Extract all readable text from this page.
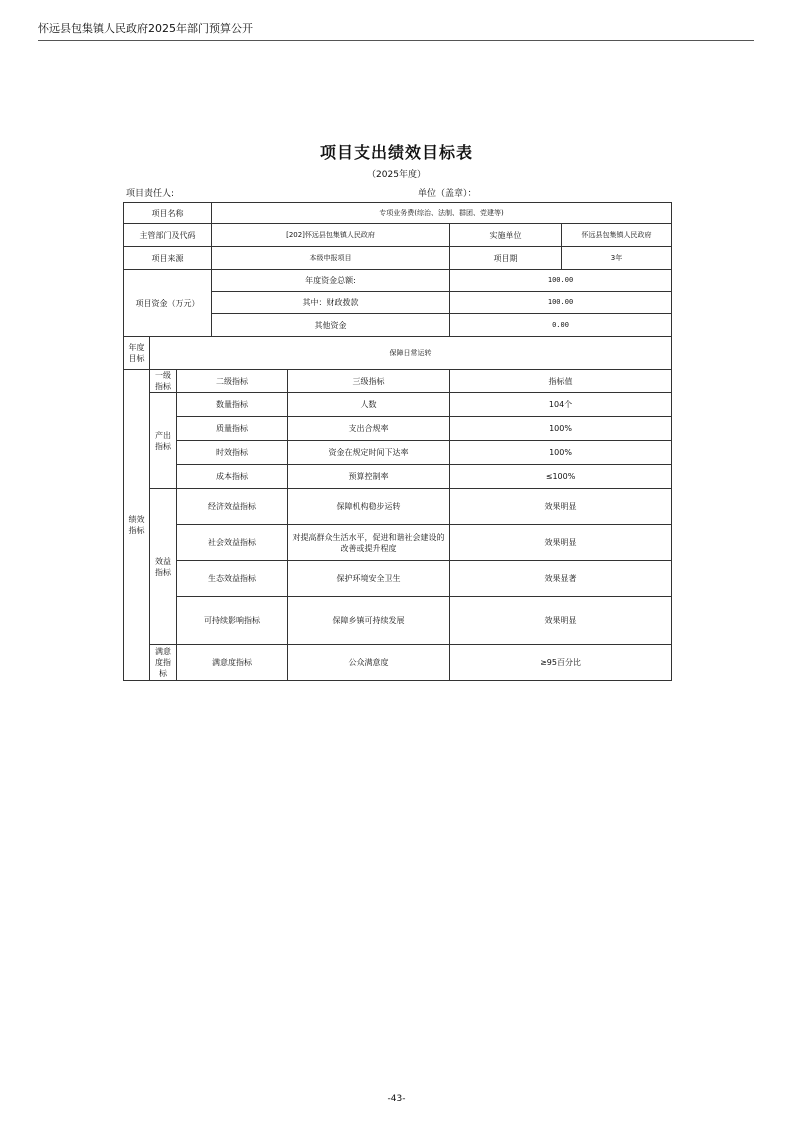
怀远县包集镇人民政府2025年部门预算公开
项目支出绩效目标表
（2025年度）
项目责任人:	单位（盖章）：
项目名称			专项业务费(综治、法制、群团、党建等)			
主管部门及代码			[202]怀远县包集镇人民政府		实施单位	怀远县包集镇人民政府
项目来源			本级申报项目		项目期	3年
项目资金（万元）			年度资金总额:		100.00	
			其中：财政拨款		100.00	
			其他资金		0.00	
年度目标	保障日常运转					
绩效指标	一级指标	二级指标		三级指标	指标值	
	产出指标	数量指标		人数	104个	
		质量指标		支出合规率	100%	
		时效指标		资金在规定时间下达率	100%	
		成本指标		预算控制率	≤100%	
	效益指标	经济效益指标		保障机构稳步运转	效果明显	
		社会效益指标		对提高群众生活水平，促进和谐社会建设的改善或提升程度	效果明显	
		生态效益指标		保护环境安全卫生	效果显著	
		可持续影响指标		保障乡镇可持续发展	效果明显	
	满意度指标	满意度指标		公众满意度	≥95百分比	
-43-
